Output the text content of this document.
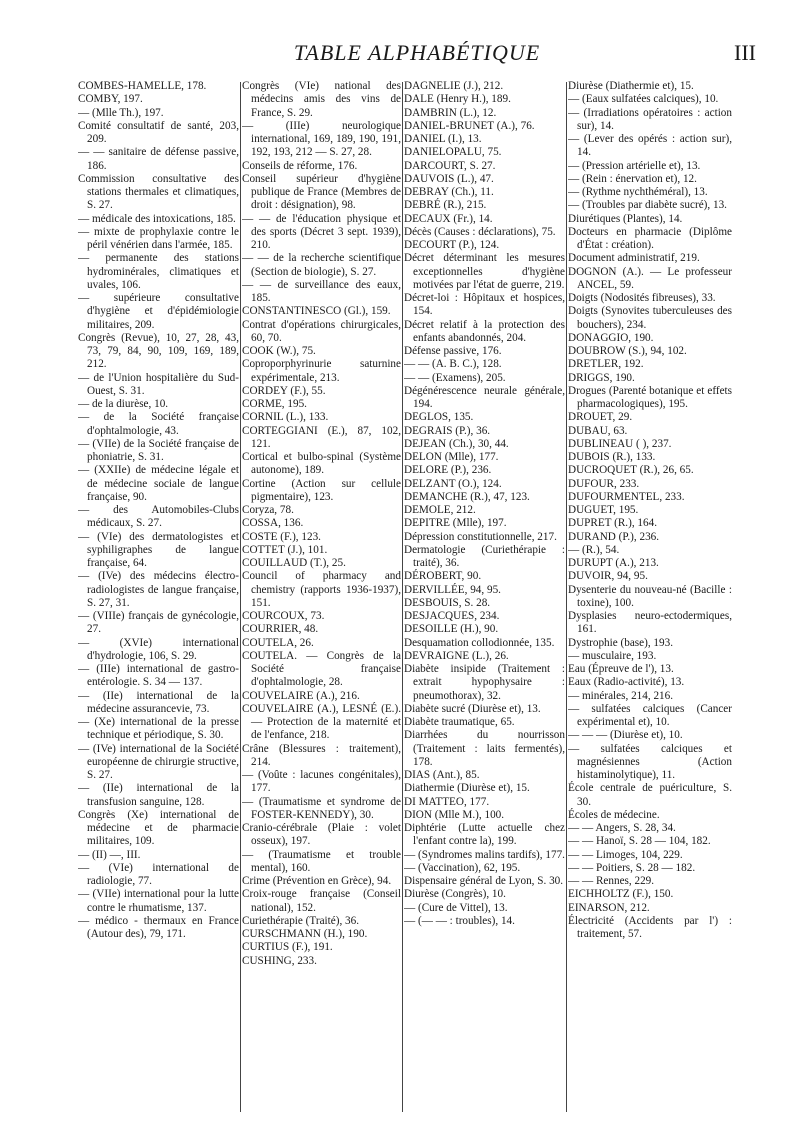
TABLE ALPHABÉTIQUE	III

COMBES-HAMELLE, 178.

COMBY, 197.

— (Mlle Th.), 197.

Comité consultatif de santé, 203, 209.

— — sanitaire de défense passive, 186.

Commission consultative des stations thermales et climatiques, S. 27.

— médicale des intoxications, 185.

— mixte de prophylaxie contre le péril vénérien dans l'armée, 185.

— permanente des stations hydrominérales, climatiques et uvales, 106.

— supérieure consultative d'hygiène et d'épidémiologie militaires, 209.

Congrès (Revue), 10, 27, 28, 43, 73, 79, 84, 90, 109, 169, 189, 212.

— de l'Union hospitalière du Sud-Ouest, S. 31.

— de la diurèse, 10.

— de la Société française d'ophtalmologie, 43.

— (VIIe) de la Société française de phoniatrie, S. 31.

— (XXIIe) de médecine légale et de médecine sociale de langue française, 90.

— des Automobiles-Clubs médicaux, S. 27.

— (VIe) des dermatologistes et syphiligraphes de langue française, 64.

— (IVe) des médecins électro-radiologistes de langue française, S. 27, 31.

— (VIIIe) français de gynécologie, 27.

— (XVIe) international d'hydrologie, 106, S. 29.

— (IIIe) international de gastro-entérologie. S. 34 — 137.

— (IIe) international de la médecine assurancevie, 73.

— (Xe) international de la presse technique et périodique, S. 30.

— (IVe) international de la Société européenne de chirurgie structive, S. 27.

— (IIe) international de la transfusion sanguine, 128.

Congrès (Xe) international de médecine et de pharmacie militaires, 109.

— (II) —, III.

— (VIe) international de radiologie, 77.

— (VIIe) international pour la lutte contre le rhumatisme, 137.

— médico - thermaux en France (Autour des), 79, 171.

Congrès (VIe) national des médecins amis des vins de France, S. 29.

— (IIIe) neurologique international, 169, 189, 190, 191, 192, 193, 212 — S. 27, 28.

Conseils de réforme, 176.

Conseil supérieur d'hygiène publique de France (Membres de droit : désignation), 98.

— — de l'éducation physique et des sports (Décret 3 sept. 1939), 210.

— — de la recherche scientifique (Section de biologie), S. 27.

— — de surveillance des eaux, 185.

CONSTANTINESCO (Gl.), 159.

Contrat d'opérations chirurgicales, 60, 70.

COOK (W.), 75.

Coproporphyrinurie saturnine expérimentale, 213.

CORDEY (F.), 55.

CORME, 195.

CORNIL (L.), 133.

CORTEGGIANI (E.), 87, 102, 121.

Cortical et bulbo-spinal (Système autonome), 189.

Cortine (Action sur cellule pigmentaire), 123.

Coryza, 78.

COSSA, 136.

COSTE (F.), 123.

COTTET (J.), 101.

COUILLAUD (T.), 25.

Council of pharmacy and chemistry (rapports 1936-1937), 151.

COURCOUX, 73.

COURRIER, 48.

COUTELA, 26.

COUTELA. — Congrès de la Société française d'ophtalmologie, 28.

COUVELAIRE (A.), 216.

COUVELAIRE (A.), LESNÉ (E.). — Protection de la maternité et de l'enfance, 218.

Crâne (Blessures : traitement), 214.

— (Voûte : lacunes congénitales), 177.

— (Traumatisme et syndrome de FOSTER-KENNEDY), 30.

Cranio-cérébrale (Plaie : volet osseux), 197.

— (Traumatisme et trouble mental), 160.

Crime (Prévention en Grèce), 94.

Croix-rouge française (Conseil national), 152.

Curiethérapie (Traité), 36.

CURSCHMANN (H.), 190.

CURTIUS (F.), 191.

CUSHING, 233.

DAGNELIE (J.), 212.

DALE (Henry H.), 189.

DAMBRIN (L.), 12.

DANIEL-BRUNET (A.), 76.

DANIEL (I.), 13.

DANIELOPALU, 75.

DARCOURT, S. 27.

DAUVOIS (L.), 47.

DEBRAY (Ch.), 11.

DEBRÉ (R.), 215.

DECAUX (Fr.), 14.

Décès (Causes : déclarations), 75.

DECOURT (P.), 124.

Décret déterminant les mesures exceptionnelles d'hygiène motivées par l'état de guerre, 219.

Décret-loi : Hôpitaux et hospices, 154.

Décret relatif à la protection des enfants abandonnés, 204.

Défense passive, 176.

— — (A. B. C.), 128.

— — (Examens), 205.

Dégénérescence neurale générale, 194.

DEGLOS, 135.

DEGRAIS (P.), 36.

DEJEAN (Ch.), 30, 44.

DELON (Mlle), 177.

DELORE (P.), 236.

DELZANT (O.), 124.

DEMANCHE (R.), 47, 123.

DEMOLE, 212.

DEPITRE (Mlle), 197.

Dépression constitutionnelle, 217.

Dermatologie (Curiethérapie : traité), 36.

DÉROBERT, 90.

DERVILLÉE, 94, 95.

DESBOUIS, S. 28.

DESJACQUES, 234.

DESOILLE (H.), 90.

Desquamation collodionnée, 135.

DEVRAIGNE (L.), 26.

Diabète insipide (Traitement : extrait hypophysaire : pneumothorax), 32.

Diabète sucré (Diurèse et), 13.

Diabète traumatique, 65.

Diarrhées du nourrisson (Traitement : laits fermentés), 178.

DIAS (Ant.), 85.

Diathermie (Diurèse et), 15.

DI MATTEO, 177.

DION (Mlle M.), 100.

Diphtérie (Lutte actuelle chez l'enfant contre la), 199.

— (Syndromes malins tardifs), 177.

— (Vaccination), 62, 195.

Dispensaire général de Lyon, S. 30.

Diurèse (Congrès), 10.

— (Cure de Vittel), 13.

— (— — : troubles), 14.

Diurèse (Diathermie et), 15.

— (Eaux sulfatées calciques), 10.

— (Irradiations opératoires : action sur), 14.

— (Lever des opérés : action sur), 14.

— (Pression artérielle et), 13.

— (Rein : énervation et), 12.

— (Rythme nychthéméral), 13.

— (Troubles par diabète sucré), 13.

Diurétiques (Plantes), 14.

Docteurs en pharmacie (Diplôme d'État : création).

Document administratif, 219.

DOGNON (A.). — Le professeur ANCEL, 59.

Doigts (Nodosités fibreuses), 33.

Doigts (Synovites tuberculeuses des bouchers), 234.

DONAGGIO, 190.

DOUBROW (S.), 94, 102.

DRETLER, 192.

DRIGGS, 190.

Drogues (Parenté botanique et effets pharmacologiques), 195.

DROUET, 29.

DUBAU, 63.

DUBLINEAU ( ), 237.

DUBOIS (R.), 133.

DUCROQUET (R.), 26, 65.

DUFOUR, 233.

DUFOURMENTEL, 233.

DUGUET, 195.

DUPRET (R.), 164.

DURAND (P.), 236.

— (R.), 54.

DURUPT (A.), 213.

DUVOIR, 94, 95.

Dysenterie du nouveau-né (Bacille : toxine), 100.

Dysplasies neuro-ectodermiques, 161.

Dystrophie (base), 193.

— musculaire, 193.

Eau (Épreuve de l'), 13.

Eaux (Radio-activité), 13.

— minérales, 214, 216.

— sulfatées calciques (Cancer expérimental et), 10.

— — — (Diurèse et), 10.

— sulfatées calciques et magnésiennes (Action histaminolytique), 11.

École centrale de puériculture, S. 30.

Écoles de médecine.

— — Angers, S. 28, 34.

— — Hanoï, S. 28 — 104, 182.

— — Limoges, 104, 229.

— — Poitiers, S. 28 — 182.

— — Rennes, 229.

EICHHOLTZ (F.), 150.

EINARSON, 212.

Électricité (Accidents par l') : traitement, 57.
